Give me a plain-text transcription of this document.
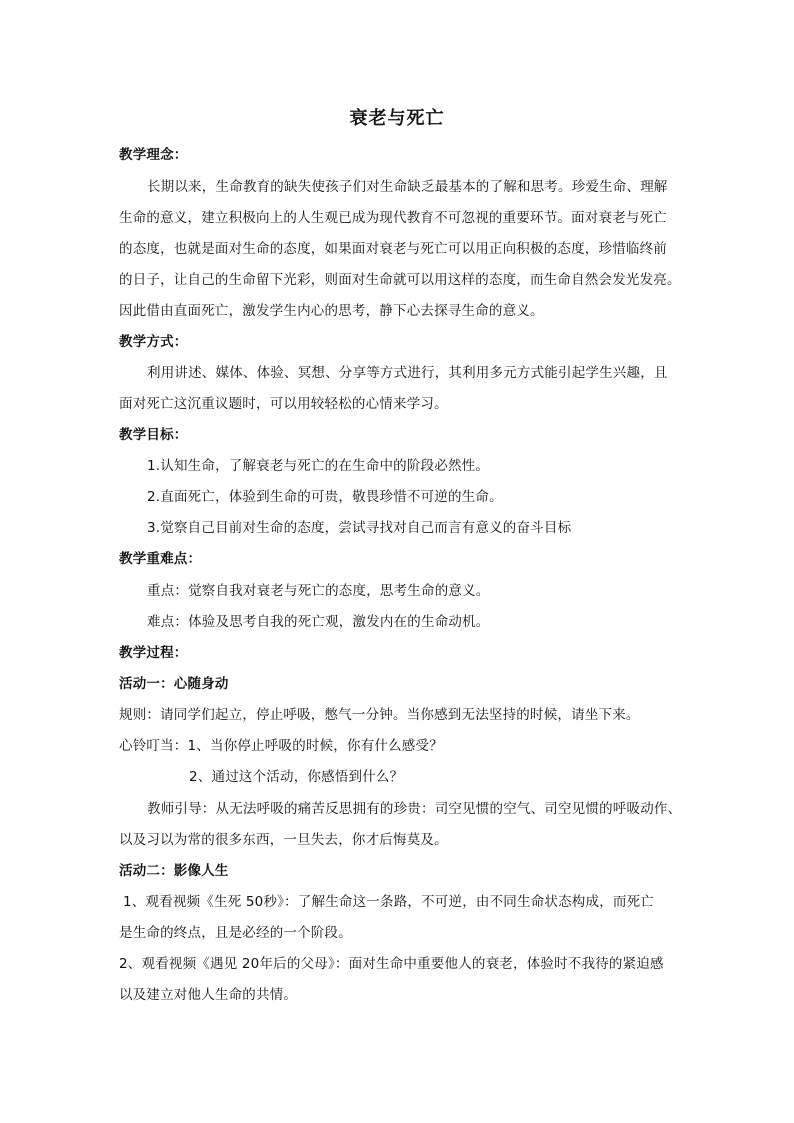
衰老与死亡
教学理念：
长期以来，生命教育的缺失使孩子们对生命缺乏最基本的了解和思考。珍爱生命、理解
生命的意义，建立积极向上的人生观已成为现代教育不可忽视的重要环节。面对衰老与死亡
的态度，也就是面对生命的态度，如果面对衰老与死亡可以用正向积极的态度，珍惜临终前
的日子，让自己的生命留下光彩，则面对生命就可以用这样的态度，而生命自然会发光发亮。
因此借由直面死亡，激发学生内心的思考，静下心去探寻生命的意义。
教学方式：
利用讲述、媒体、体验、冥想、分享等方式进行，其利用多元方式能引起学生兴趣，且
面对死亡这沉重议题时，可以用较轻松的心情来学习。
教学目标：
1.认知生命，了解衰老与死亡的在生命中的阶段必然性。
2.直面死亡，体验到生命的可贵，敬畏珍惜不可逆的生命。
3.觉察自己目前对生命的态度，尝试寻找对自己而言有意义的奋斗目标
教学重难点：
重点：觉察自我对衰老与死亡的态度，思考生命的意义。
难点：体验及思考自我的死亡观，激发内在的生命动机。
教学过程：
活动一：心随身动
规则：请同学们起立，停止呼吸，憋气一分钟。当你感到无法坚持的时候，请坐下来。
心铃叮当：1、当你停止呼吸的时候，你有什么感受？
2、通过这个活动，你感悟到什么？
教师引导：从无法呼吸的痛苦反思拥有的珍贵：司空见惯的空气、司空见惯的呼吸动作、
以及习以为常的很多东西，一旦失去，你才后悔莫及。
活动二：影像人生
1、观看视频《生死 50秒》：了解生命这一条路，不可逆，由不同生命状态构成，而死亡
是生命的终点，且是必经的一个阶段。
2、观看视频《遇见 20年后的父母》：面对生命中重要他人的衰老，体验时不我待的紧迫感
以及建立对他人生命的共情。
